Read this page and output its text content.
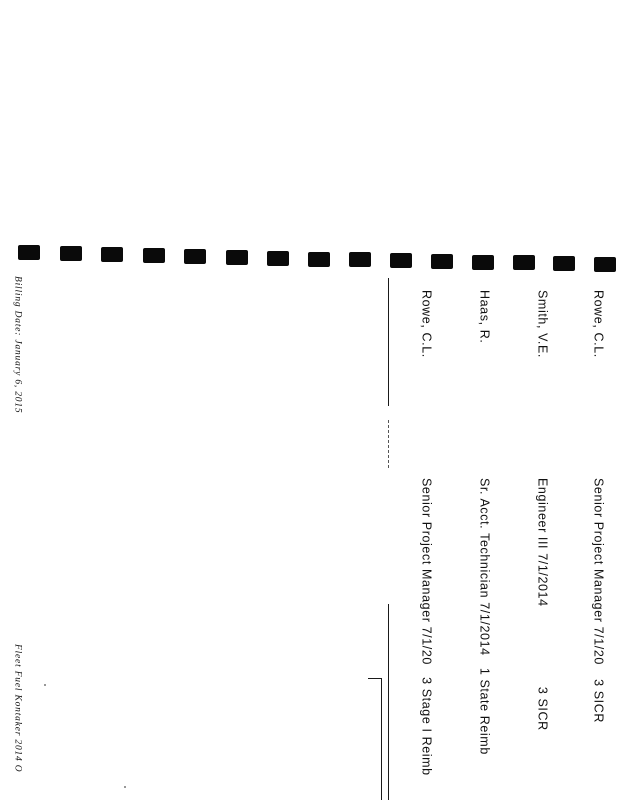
Rowe, C.L.
Senior Project Manager 7/1/20  3 SICR
Smith, V.E.
Engineer III 7/1/2014  3 SICR
Haas, R.
Sr. Acct. Technician 7/1/2014  1 State Reimb
Rowe, C.L.
Senior Project Manager 7/1/20  3 Stage I Reimb
Billing Date: January 6, 2015
Fleet Fuel Kontaker 2014 O
